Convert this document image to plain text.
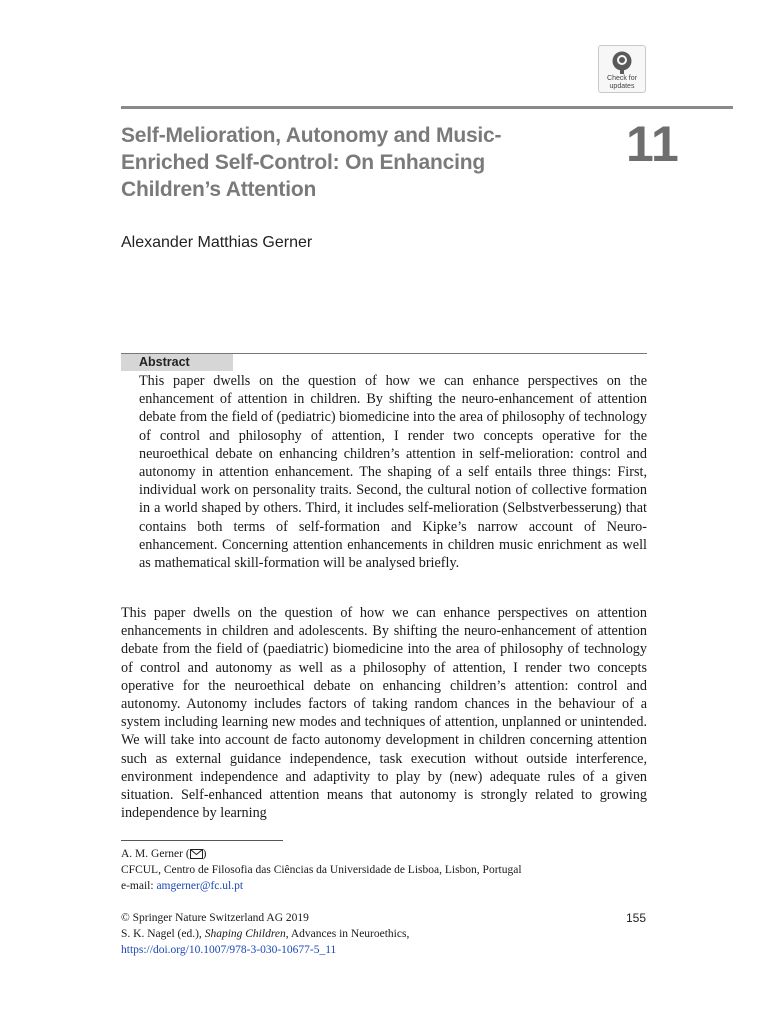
Check for
updates
Self-Melioration, Autonomy and Music-Enriched Self-Control: On Enhancing Children’s Attention
11
Alexander Matthias Gerner
Abstract

This paper dwells on the question of how we can enhance perspectives on the enhancement of attention in children. By shifting the neuro-enhancement of attention debate from the field of (pediatric) biomedicine into the area of philosophy of technology of control and philosophy of attention, I render two concepts operative for the neuroethical debate on enhancing children’s attention in self-melioration: control and autonomy in attention enhancement. The shaping of a self entails three things: First, individual work on personality traits. Second, the cultural notion of collective formation in a world shaped by others. Third, it includes self-melioration (Selbstverbesserung) that contains both terms of self-formation and Kipke’s narrow account of Neuro-enhancement. Concerning attention enhancements in children music enrichment as well as mathematical skill-formation will be analysed briefly.

This paper dwells on the question of how we can enhance perspectives on attention enhancements in children and adolescents. By shifting the neuro-enhancement of attention debate from the field of (paediatric) biomedicine into the area of philosophy of technology of control and autonomy as well as a philosophy of attention, I render two concepts operative for the neuroethical debate on enhancing children’s attention: control and autonomy. Autonomy includes factors of taking random chances in the behaviour of a system including learning new modes and techniques of attention, unplanned or unintended. We will take into account de facto autonomy development in children concerning attention such as external guidance independence, task execution without outside interference, environment independence and adaptivity to play by (new) adequate rules of a given situation. Self-enhanced attention means that autonomy is strongly related to growing independence by learning

A. M. Gerner ( )
CFCUL, Centro de Filosofia das Ciências da Universidade de Lisboa, Lisbon, Portugal
e-mail: amgerner@fc.ul.pt
© Springer Nature Switzerland AG 2019
S. K. Nagel (ed.), Shaping Children, Advances in Neuroethics,
https://doi.org/10.1007/978-3-030-10677-5_11
155
